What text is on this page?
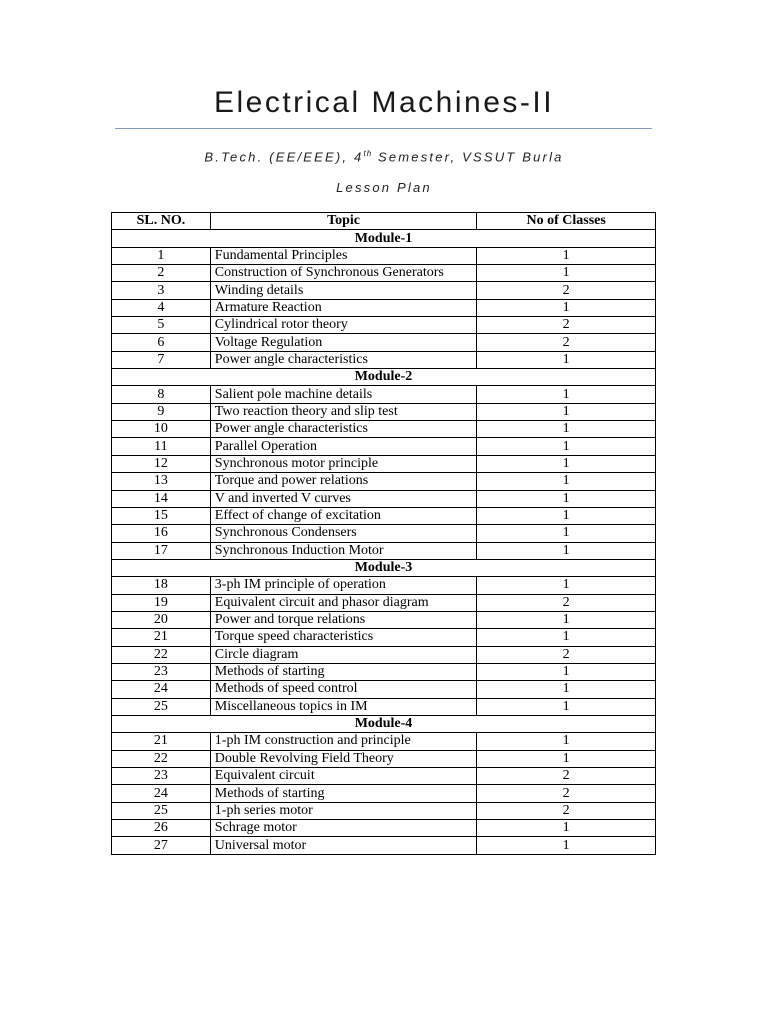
Electrical Machines-II
B.Tech. (EE/EEE), 4th Semester, VSSUT Burla
Lesson Plan
SL. NO.	Topic	No of Classes
Module-1		
1	Fundamental Principles	1
2	Construction of Synchronous Generators	1
3	Winding details	2
4	Armature Reaction	1
5	Cylindrical rotor theory	2
6	Voltage Regulation	2
7	Power angle characteristics	1
Module-2		
8	Salient pole machine details	1
9	Two reaction theory and slip test	1
10	Power angle characteristics	1
11	Parallel Operation	1
12	Synchronous motor principle	1
13	Torque and power relations	1
14	V and inverted V curves	1
15	Effect of change of excitation	1
16	Synchronous Condensers	1
17	Synchronous Induction Motor	1
Module-3		
18	3-ph IM principle of operation	1
19	Equivalent circuit and phasor diagram	2
20	Power and torque relations	1
21	Torque speed characteristics	1
22	Circle diagram	2
23	Methods of starting	1
24	Methods of speed control	1
25	Miscellaneous topics in IM	1
Module-4		
21	1-ph IM construction and principle	1
22	Double Revolving Field Theory	1
23	Equivalent circuit	2
24	Methods of starting	2
25	1-ph series motor	2
26	Schrage motor	1
27	Universal motor	1
